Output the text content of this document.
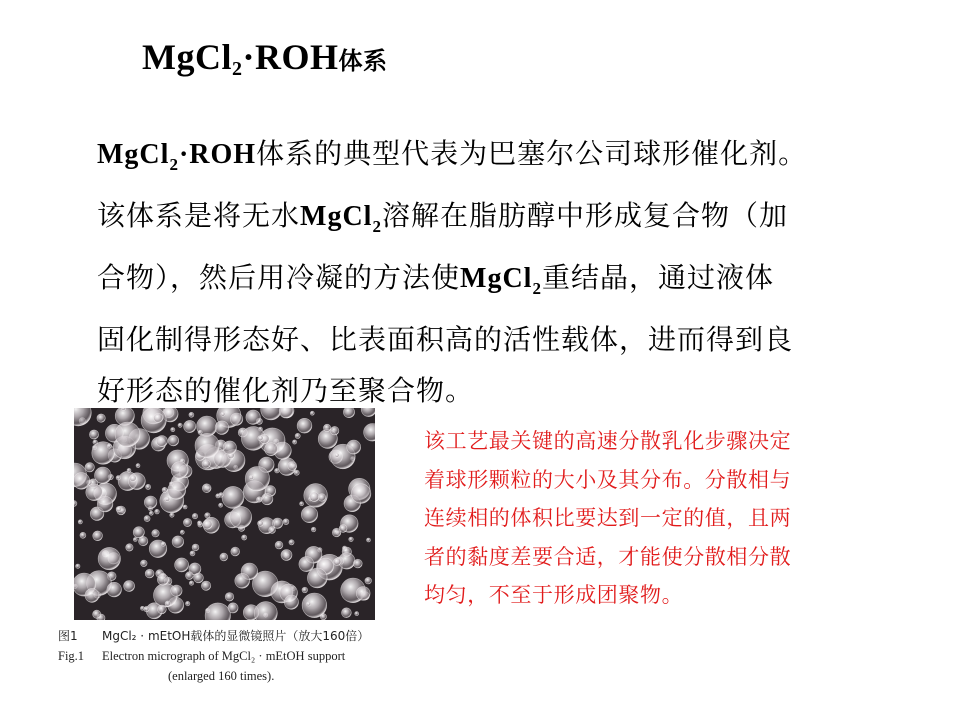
MgCl$_2$·ROH体系
MgCl$_2$·ROH体系的典型代表为巴塞尔公司球形催化剂。
该体系是将无水MgCl$_2$溶解在脂肪醇中形成复合物（加
合物），然后用冷凝的方法使MgCl$_2$重结晶，通过液体
固化制得形态好、比表面积高的活性载体，进而得到良
好形态的催化剂乃至聚合物。
图1 MgCl₂ · mEtOH载体的显微镜照片（放大160倍）
Fig.1 Electron micrograph of MgCl₂ · mEtOH support
(enlarged 160 times).
该工艺最关键的高速分散乳化步骤决定
着球形颗粒的大小及其分布。分散相与
连续相的体积比要达到一定的值，且两
者的黏度差要合适，才能使分散相分散
均匀，不至于形成团聚物。
